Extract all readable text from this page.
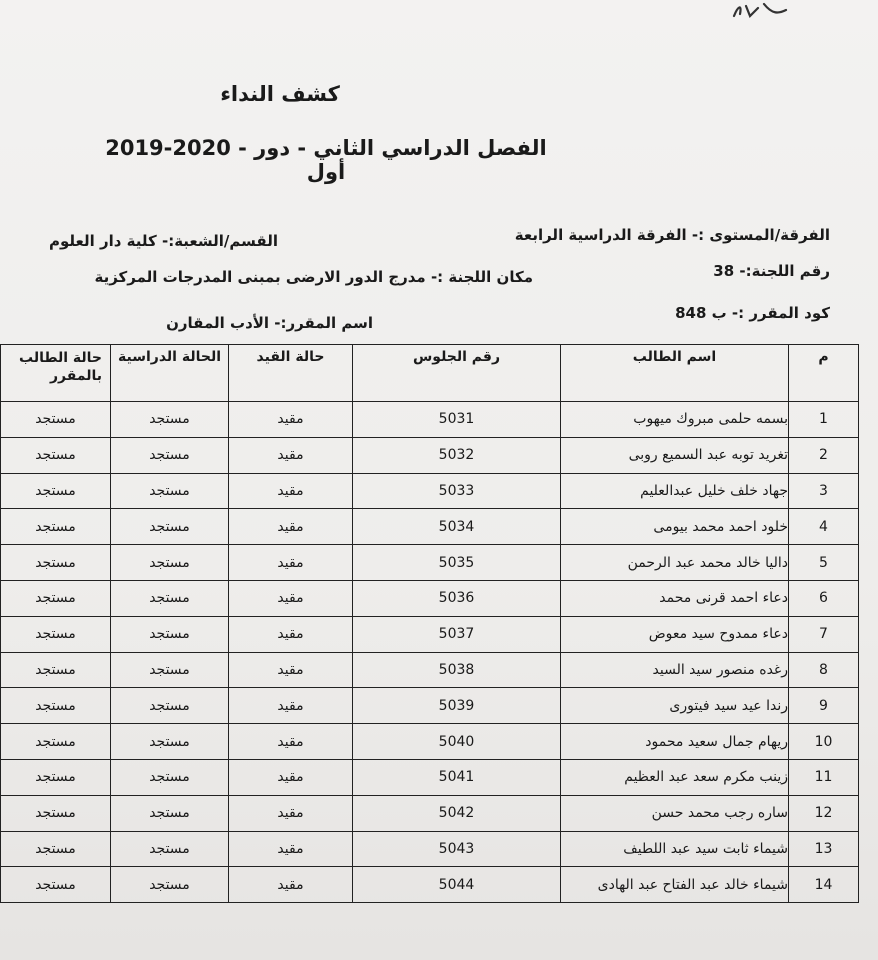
كشف النداء
2019-2020 - الفصل الدراسي الثاني - دور أول
الفرقة/المستوى :- الفرقة الدراسية الرابعة
القسم/الشعبة:- كلية دار العلوم
رقم اللجنة:- 38
مكان اللجنة :- مدرج الدور الارضى بمبنى المدرجات المركزية
كود المقرر :- ب 848
اسم المقرر:- الأدب المقارن
م	اسم الطالب	رقم الجلوس	حالة القيد	الحالة الدراسية	حالة الطالب بالمقرر
1	بسمه حلمى مبروك ميهوب	5031	مقيد	مستجد	مستجد
2	تغريد توبه عبد السميع روبى	5032	مقيد	مستجد	مستجد
3	جهاد خلف خليل عبدالعليم	5033	مقيد	مستجد	مستجد
4	خلود احمد محمد بيومى	5034	مقيد	مستجد	مستجد
5	داليا خالد محمد عبد الرحمن	5035	مقيد	مستجد	مستجد
6	دعاء احمد قرنى محمد	5036	مقيد	مستجد	مستجد
7	دعاء ممدوح سيد معوض	5037	مقيد	مستجد	مستجد
8	رغده منصور سيد السيد	5038	مقيد	مستجد	مستجد
9	رندا عيد سيد فيتورى	5039	مقيد	مستجد	مستجد
10	ريهام جمال سعيد محمود	5040	مقيد	مستجد	مستجد
11	زينب مكرم سعد عبد العظيم	5041	مقيد	مستجد	مستجد
12	ساره رجب محمد حسن	5042	مقيد	مستجد	مستجد
13	شيماء ثابت سيد عبد اللطيف	5043	مقيد	مستجد	مستجد
14	شيماء خالد عبد الفتاح عبد الهادى	5044	مقيد	مستجد	مستجد
